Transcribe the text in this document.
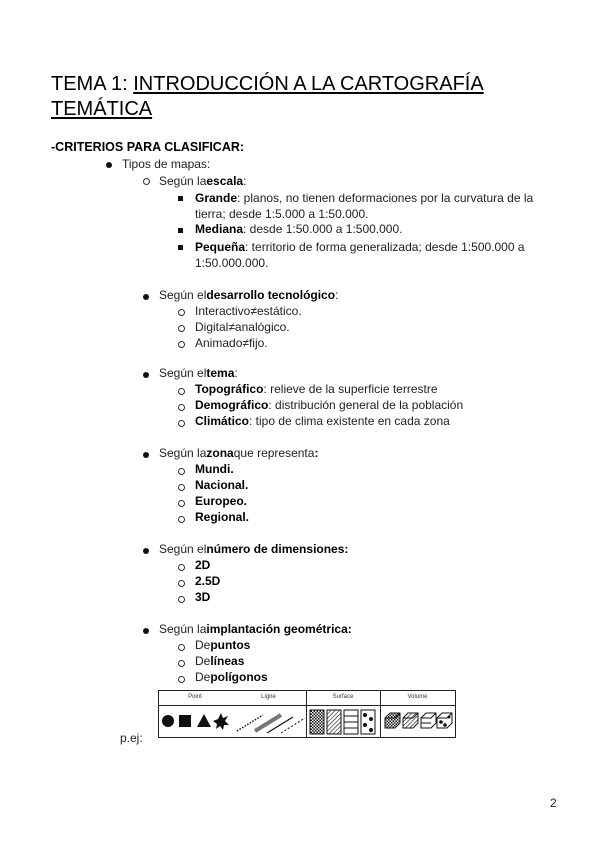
TEMA 1: INTRODUCCIÓN A LA CARTOGRAFÍA TEMÁTICA
-CRITERIOS PARA CLASIFICAR:
Tipos de mapas:
Según la escala :
Grande: planos, no tienen deformaciones por la curvatura de la tierra; desde 1:5.000 a 1:50.000.
Mediana : desde 1:50.000 a 1:500.000.
Pequeña: territorio de forma generalizada; desde 1:500.000 a 1:50.000.000.
Según el desarrollo tecnológico :
Interactivo≠estático.
Digital≠analógico.
Animado≠fijo.
Según el tema :
Topográfico : relieve de la superficie terrestre
Demográfico : distribución general de la población
Climático : tipo de clima existente en cada zona
Según la zona que representa :
Mundi.
Nacional.
Europeo.
Regional.
Según el número de dimensiones:
2D
2.5D
3D
Según la implantación geométrica:
De puntos
De líneas
De polígonos
Point	Ligne	Surface	Volume
p.ej:
2
